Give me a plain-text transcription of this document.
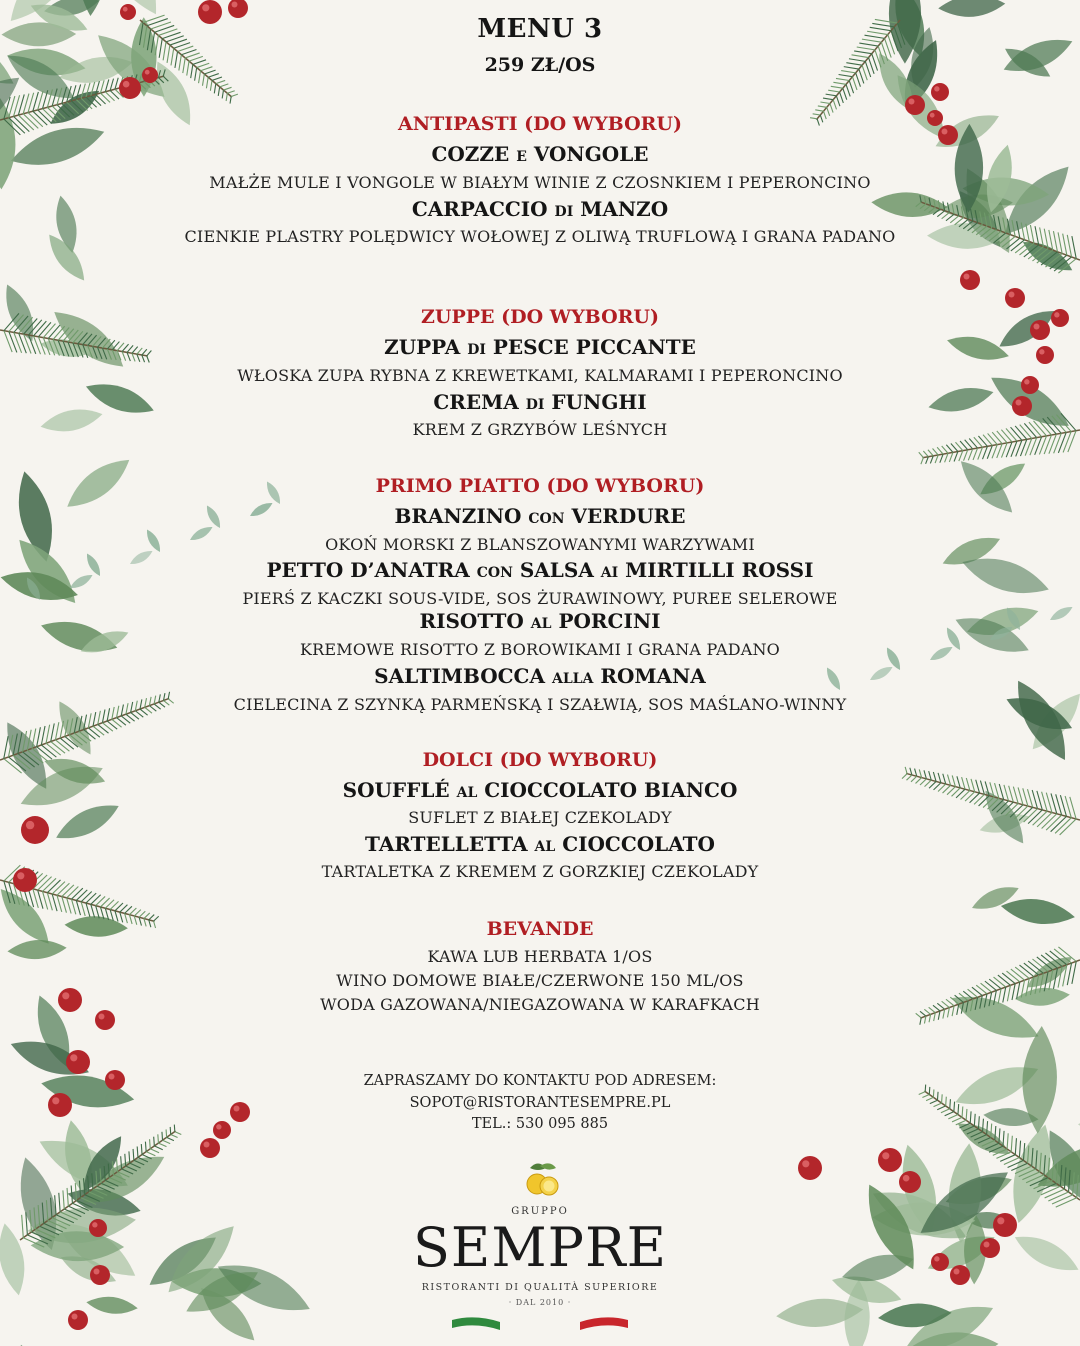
MENU 3
259 ZŁ/OS
ANTIPASTI (DO WYBORU)
COZZE e VONGOLE
MAŁŻE MULE I VONGOLE W BIAŁYM WINIE Z CZOSNKIEM I PEPERONCINO
CARPACCIO di MANZO
CIENKIE PLASTRY POLĘDWICY WOŁOWEJ Z OLIWĄ TRUFLOWĄ I GRANA PADANO
ZUPPE (DO WYBORU)
ZUPPA di PESCE PICCANTE
WŁOSKA ZUPA RYBNA Z KREWETKAMI, KALMARAMI I PEPERONCINO
CREMA di FUNGHI
KREM Z GRZYBÓW LEŚNYCH
PRIMO PIATTO (DO WYBORU)
BRANZINO con VERDURE
OKOŃ MORSKI Z BLANSZOWANYMI WARZYWAMI
PETTO D’ANATRA con SALSA ai MIRTILLI ROSSI
PIERŚ Z KACZKI SOUS-VIDE, SOS ŻURAWINOWY, PUREE SELEROWE
RISOTTO al PORCINI
KREMOWE RISOTTO Z BOROWIKAMI I GRANA PADANO
SALTIMBOCCA alla ROMANA
CIELECINA Z SZYNKĄ PARMEŃSKĄ I SZAŁWIĄ, SOS MAŚLANO-WINNY
DOLCI (DO WYBORU)
SOUFFLÉ al CIOCCOLATO BIANCO
SUFLET Z BIAŁEJ CZEKOLADY
TARTELLETTA al CIOCCOLATO
TARTALETKA Z KREMEM Z GORZKIEJ CZEKOLADY
BEVANDE
KAWA LUB HERBATA 1/OS
WINO DOMOWE BIAŁE/CZERWONE 150 ML/OS
WODA GAZOWANA/NIEGAZOWANA W KARAFKACH
ZAPRASZAMY DO KONTAKTU POD ADRESEM:
SOPOT@RISTORANTESEMPRE.PL
TEL.: 530 095 885
GRUPPO
SEMPRE
RISTORANTI DI QUALITÀ SUPERIORE
· DAL 2010 ·
